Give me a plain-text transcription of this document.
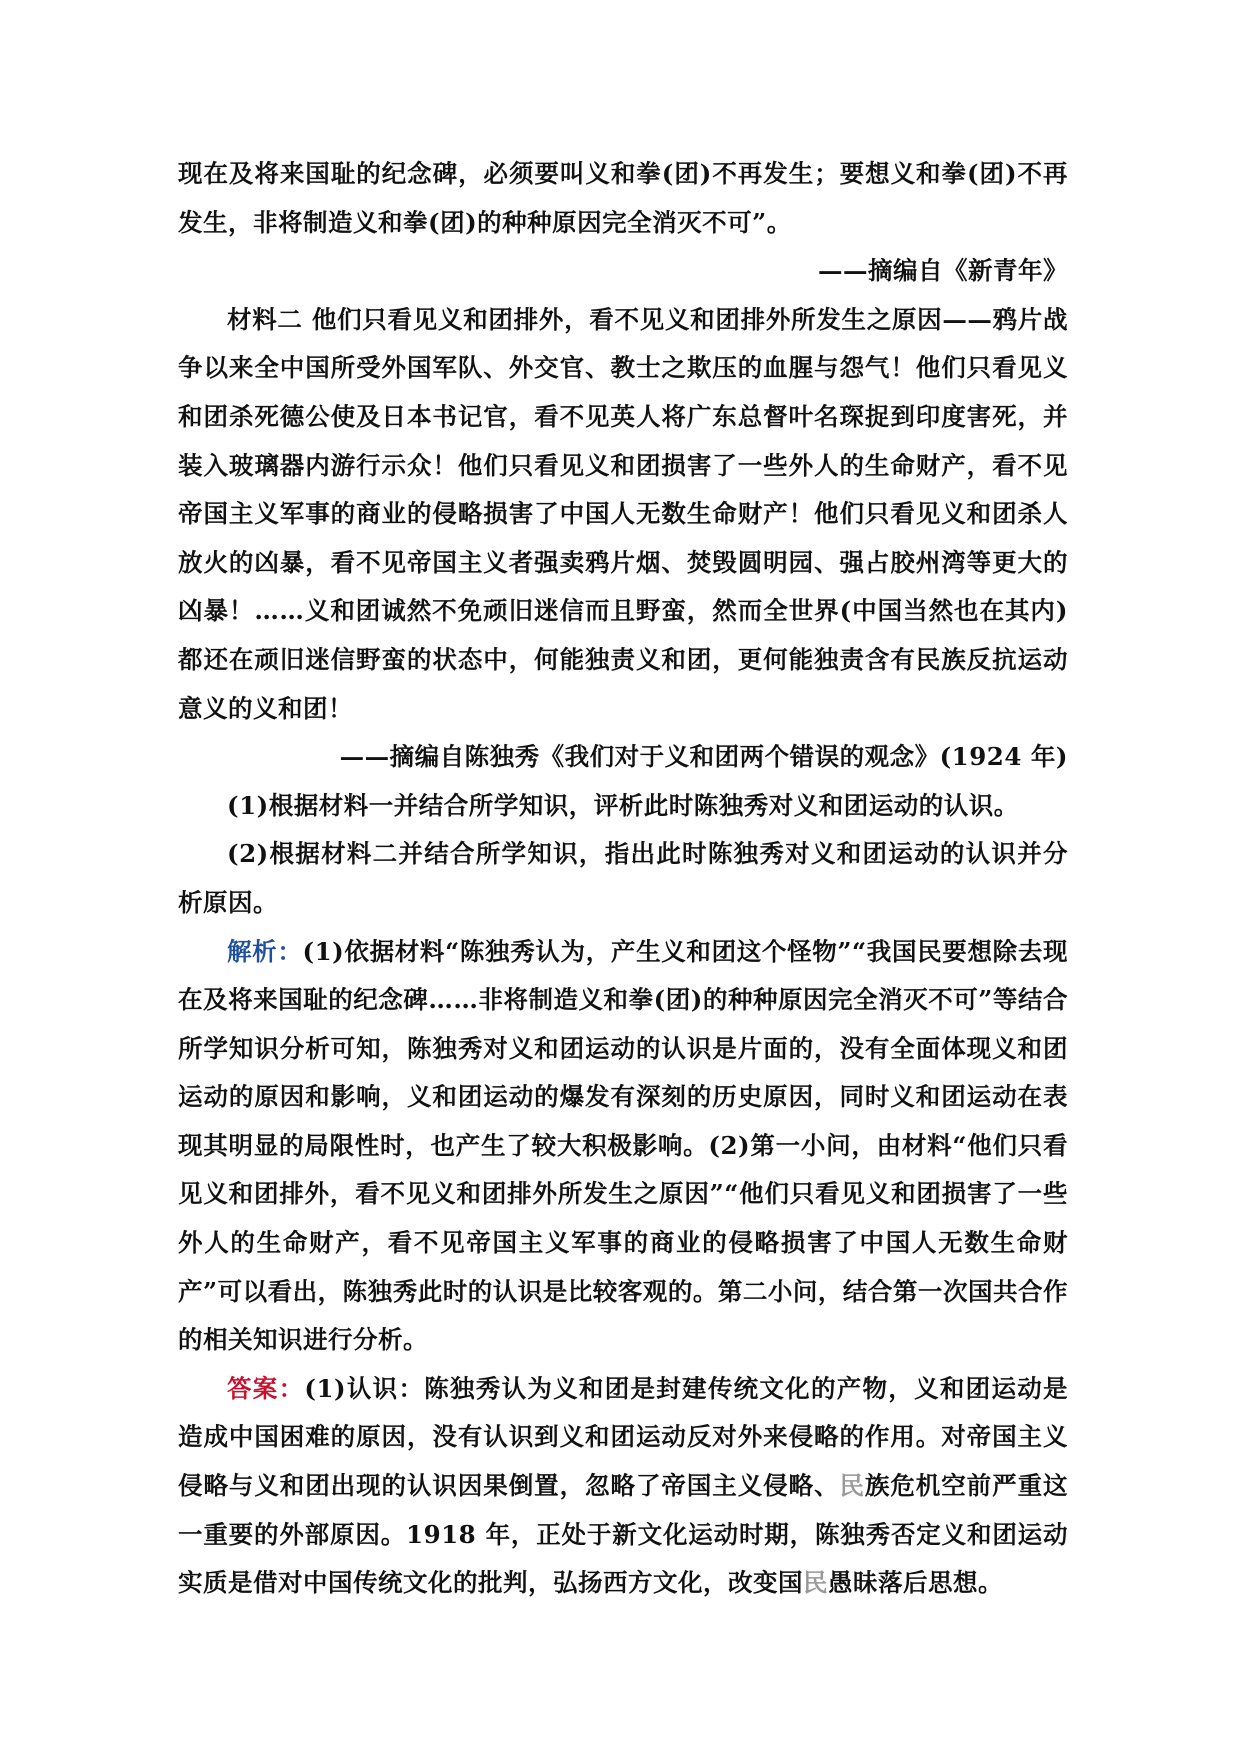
现在及将来国耻的纪念碑，必须要叫义和拳(团)不再发生；要想义和拳(团)不再发生，非将制造义和拳(团)的种种原因完全消灭不可”。

——摘编自《新青年》

材料二 他们只看见义和团排外，看不见义和团排外所发生之原因——鸦片战争以来全中国所受外国军队、外交官、教士之欺压的血腥与怨气！他们只看见义和团杀死德公使及日本书记官，看不见英人将广东总督叶名琛捉到印度害死，并装入玻璃器内游行示众！他们只看见义和团损害了一些外人的生命财产，看不见帝国主义军事的商业的侵略损害了中国人无数生命财产！他们只看见义和团杀人放火的凶暴，看不见帝国主义者强卖鸦片烟、焚毁圆明园、强占胶州湾等更大的凶暴！……义和团诚然不免顽旧迷信而且野蛮，然而全世界(中国当然也在其内)都还在顽旧迷信野蛮的状态中，何能独责义和团，更何能独责含有民族反抗运动意义的义和团！

——摘编自陈独秀《我们对于义和团两个错误的观念》(1924 年)

(1)根据材料一并结合所学知识，评析此时陈独秀对义和团运动的认识。

(2)根据材料二并结合所学知识，指出此时陈独秀对义和团运动的认识并分析原因。

解析：(1)依据材料“陈独秀认为，产生义和团这个怪物”“我国民要想除去现在及将来国耻的纪念碑……非将制造义和拳(团)的种种原因完全消灭不可”等结合所学知识分析可知，陈独秀对义和团运动的认识是片面的，没有全面体现义和团运动的原因和影响，义和团运动的爆发有深刻的历史原因，同时义和团运动在表现其明显的局限性时，也产生了较大积极影响。(2)第一小问，由材料“他们只看见义和团排外，看不见义和团排外所发生之原因”“他们只看见义和团损害了一些外人的生命财产，看不见帝国主义军事的商业的侵略损害了中国人无数生命财产”可以看出，陈独秀此时的认识是比较客观的。第二小问，结合第一次国共合作的相关知识进行分析。

答案：(1)认识：陈独秀认为义和团是封建传统文化的产物，义和团运动是造成中国困难的原因，没有认识到义和团运动反对外来侵略的作用。对帝国主义侵略与义和团出现的认识因果倒置，忽略了帝国主义侵略、民族危机空前严重这一重要的外部原因。1918 年，正处于新文化运动时期，陈独秀否定义和团运动实质是借对中国传统文化的批判，弘扬西方文化，改变国民愚昧落后思想。
